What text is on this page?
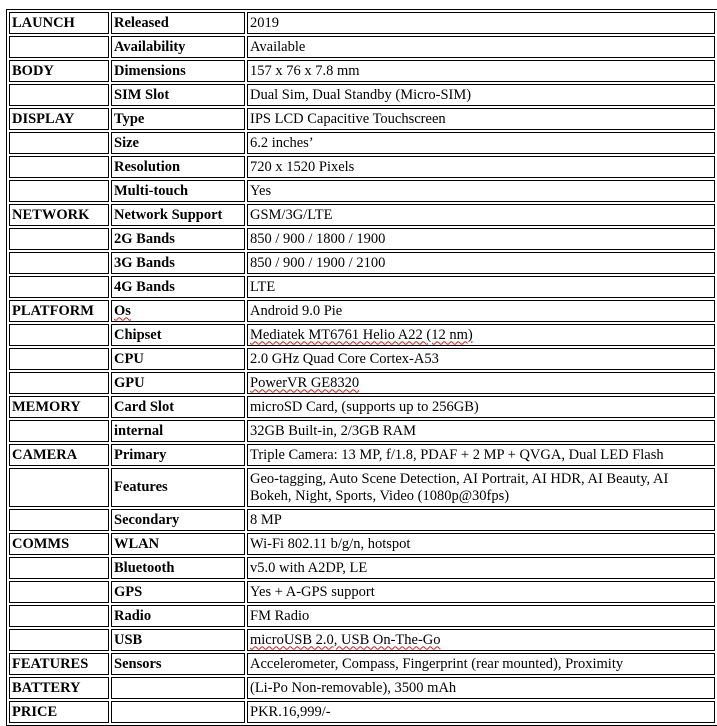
LAUNCH	Released	2019
	Availability	Available
BODY	Dimensions	157 x 76 x 7.8 mm
	SIM Slot	Dual Sim, Dual Standby (Micro-SIM)
DISPLAY	Type	IPS LCD Capacitive Touchscreen
	Size	6.2 inches’
	Resolution	720 x 1520 Pixels
	Multi-touch	Yes
NETWORK	Network Support	GSM/3G/LTE
	2G Bands	850 / 900 / 1800 / 1900
	3G Bands	850 / 900 / 1900 / 2100
	4G Bands	LTE
PLATFORM	Os	Android 9.0 Pie
	Chipset	Mediatek MT6761 Helio A22 (12 nm)
	CPU	2.0 GHz Quad Core Cortex-A53
	GPU	PowerVR GE8320
MEMORY	Card Slot	microSD Card, (supports up to 256GB)
	internal	32GB Built-in, 2/3GB RAM
CAMERA	Primary	Triple Camera: 13 MP, f/1.8, PDAF + 2 MP + QVGA, Dual LED Flash
	Features	Geo-tagging, Auto Scene Detection, AI Portrait, AI HDR, AI Beauty, AI Bokeh, Night, Sports, Video (1080p@30fps)
	Secondary	8 MP
COMMS	WLAN	Wi-Fi 802.11 b/g/n, hotspot
	Bluetooth	v5.0 with A2DP, LE
	GPS	Yes + A-GPS support
	Radio	FM Radio
	USB	microUSB 2.0, USB On-The-Go
FEATURES	Sensors	Accelerometer, Compass, Fingerprint (rear mounted), Proximity
BATTERY		(Li-Po Non-removable), 3500 mAh
PRICE		PKR.16,999/-
